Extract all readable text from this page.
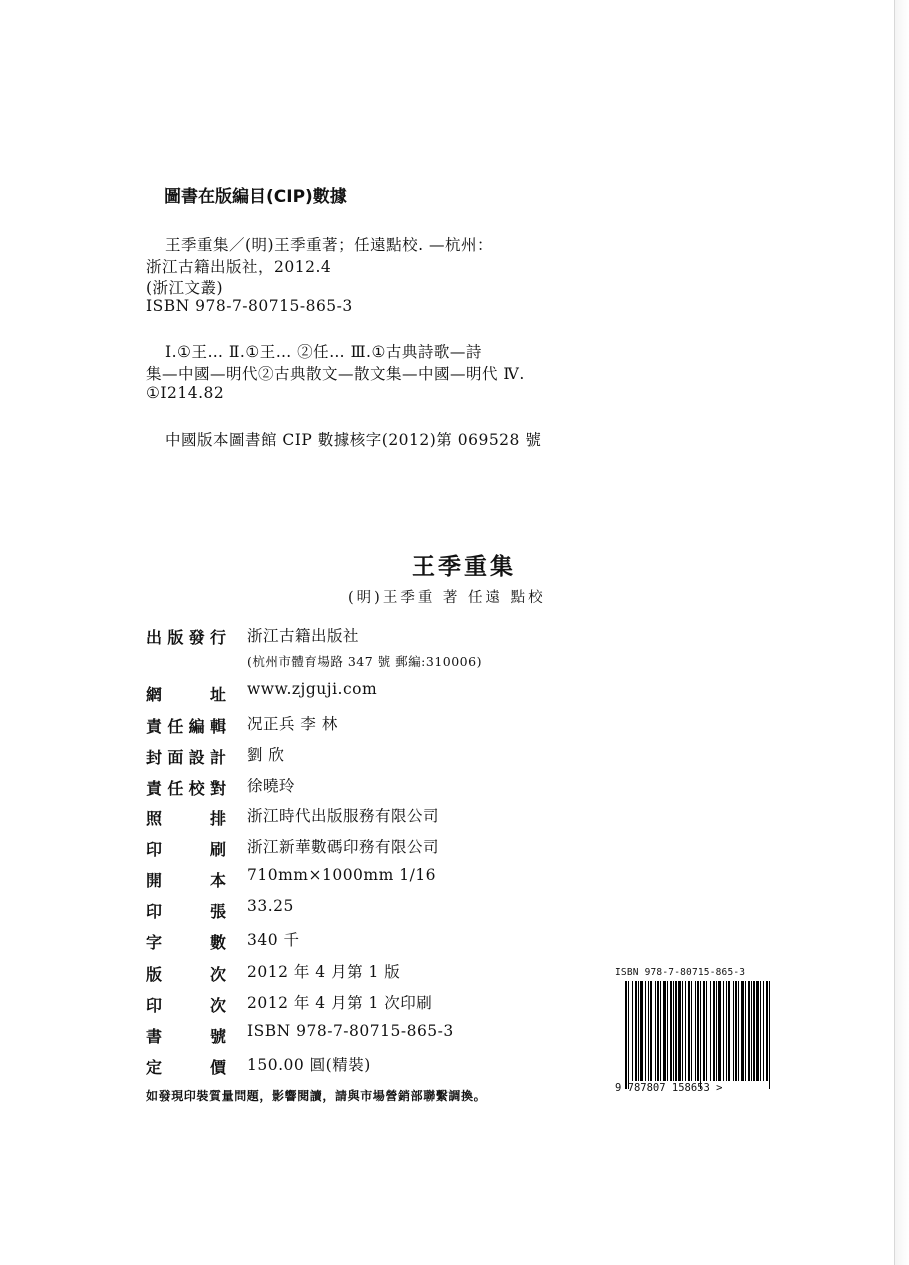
圖書在版編目(CIP)數據
王季重集／(明)王季重著；任遠點校. —杭州：
浙江古籍出版社，2012.4
(浙江文叢)
ISBN 978-7-80715-865-3
Ⅰ.①王… Ⅱ.①王… ②任… Ⅲ.①古典詩歌—詩
集—中國—明代②古典散文—散文集—中國—明代 Ⅳ.
①I214.82
中國版本圖書館 CIP 數據核字(2012)第 069528 號
王季重集
(明)王季重 著 任遠 點校
出 版 發 行 浙江古籍出版社
(杭州市體育場路 347 號 郵編:310006)
網	址 www.zjguji.com
責 任 編 輯 况正兵 李 林
封 面 設 計 劉 欣
責 任 校 對 徐曉玲
照	排 浙江時代出版服務有限公司
印	刷 浙江新華數碼印務有限公司
開	本 710mm×1000mm 1/16
印	張 33.25
字	數 340 千
版	次 2012 年 4 月第 1 版
印	次 2012 年 4 月第 1 次印刷
書	號 ISBN 978-7-80715-865-3
定	價 150.00 圓(精裝)
如發現印裝質量問題，影響閱讀，請與市場營銷部聯繫調換。
ISBN 978-7-80715-865-3
9 787807 158653 >
